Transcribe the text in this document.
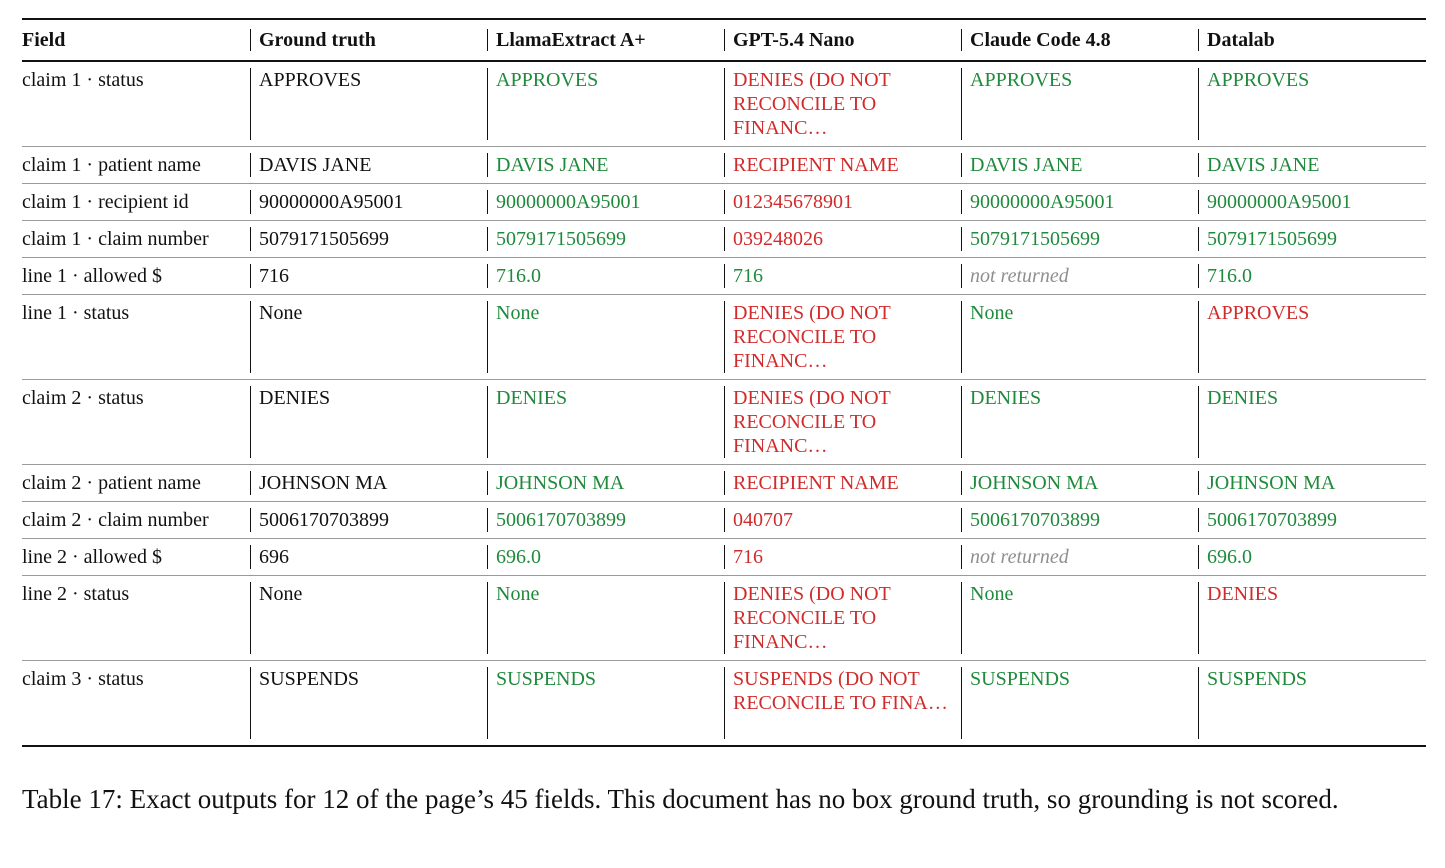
Field	Ground truth	LlamaExtract A+	GPT-5.4 Nano	Claude Code 4.8	Datalab
claim 1 · status	APPROVES	APPROVES	DENIES (DO NOT RECONCILE TO FINANC…	APPROVES	APPROVES
claim 1 · patient name	DAVIS JANE	DAVIS JANE	RECIPIENT NAME	DAVIS JANE	DAVIS JANE
claim 1 · recipient id	90000000A95001	90000000A95001	012345678901	90000000A95001	90000000A95001
claim 1 · claim number	5079171505699	5079171505699	039248026	5079171505699	5079171505699
line 1 · allowed $	716	716.0	716	not returned	716.0
line 1 · status	None	None	DENIES (DO NOT RECONCILE TO FINANC…	None	APPROVES
claim 2 · status	DENIES	DENIES	DENIES (DO NOT RECONCILE TO FINANC…	DENIES	DENIES
claim 2 · patient name	JOHNSON MA	JOHNSON MA	RECIPIENT NAME	JOHNSON MA	JOHNSON MA
claim 2 · claim number	5006170703899	5006170703899	040707	5006170703899	5006170703899
line 2 · allowed $	696	696.0	716	not returned	696.0
line 2 · status	None	None	DENIES (DO NOT RECONCILE TO FINANC…	None	DENIES
claim 3 · status	SUSPENDS	SUSPENDS	SUSPENDS (DO NOT RECONCILE TO FINA…	SUSPENDS	SUSPENDS
Table 17: Exact outputs for 12 of the page’s 45 fields. This document has no box ground truth, so grounding is not scored.
